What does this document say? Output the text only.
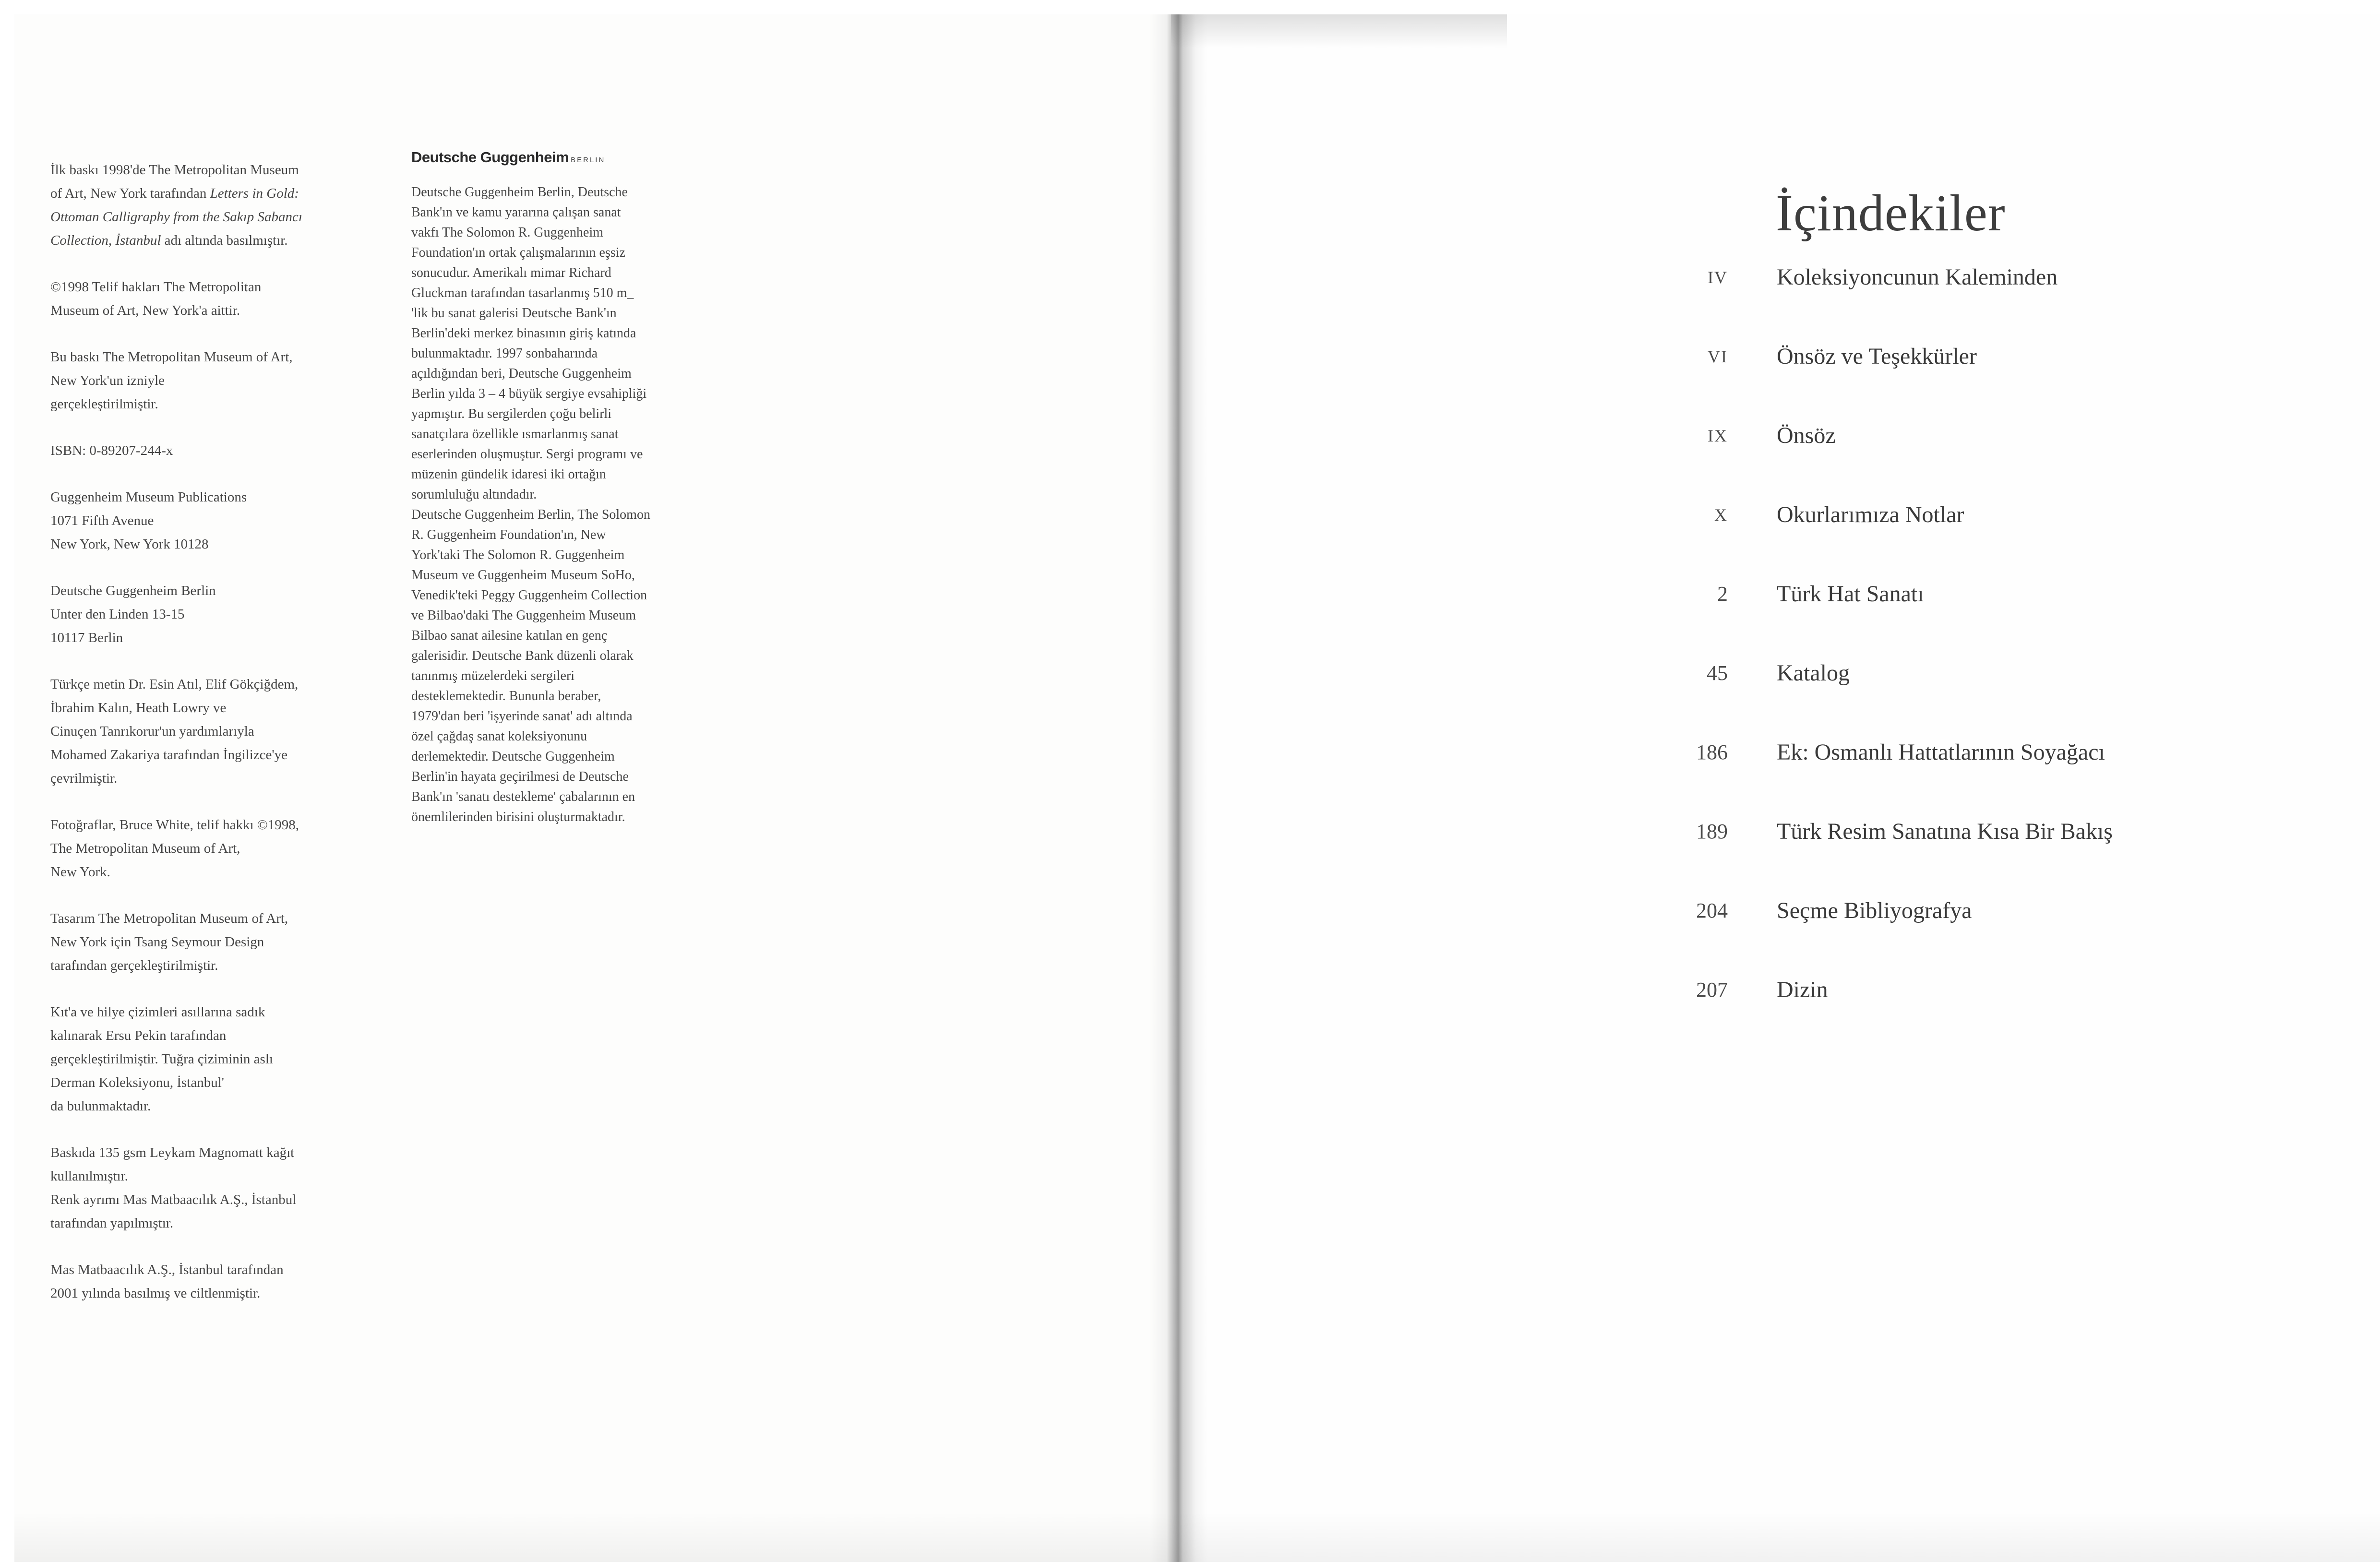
İlk baskı 1998'de The Metropolitan Museum
of Art, New York tarafından Letters in Gold:
Ottoman Calligraphy from the Sakıp Sabancı
Collection, İstanbul adı altında basılmıştır.
©1998 Telif hakları The Metropolitan
Museum of Art, New York'a aittir.
Bu baskı The Metropolitan Museum of Art,
New York'un izniyle
gerçekleştirilmiştir.
ISBN: 0-89207-244-x
Guggenheim Museum Publications
1071 Fifth Avenue
New York, New York 10128
Deutsche Guggenheim Berlin
Unter den Linden 13-15
10117 Berlin
Türkçe metin Dr. Esin Atıl, Elif Gökçiğdem,
İbrahim Kalın, Heath Lowry ve
Cinuçen Tanrıkorur'un yardımlarıyla
Mohamed Zakariya tarafından İngilizce'ye
çevrilmiştir.
Fotoğraflar, Bruce White, telif hakkı ©1998,
The Metropolitan Museum of Art,
New York.
Tasarım The Metropolitan Museum of Art,
New York için Tsang Seymour Design
tarafından gerçekleştirilmiştir.
Kıt'a ve hilye çizimleri asıllarına sadık
kalınarak Ersu Pekin tarafından
gerçekleştirilmiştir. Tuğra çiziminin aslı
Derman Koleksiyonu, İstanbul'
da bulunmaktadır.
Baskıda 135 gsm Leykam Magnomatt kağıt
kullanılmıştır.
Renk ayrımı Mas Matbaacılık A.Ş., İstanbul
tarafından yapılmıştır.
Mas Matbaacılık A.Ş., İstanbul tarafından
2001 yılında basılmış ve ciltlenmiştir.
Deutsche Guggenheim BERLIN
Deutsche Guggenheim Berlin, Deutsche
Bank'ın ve kamu yararına çalışan sanat
vakfı The Solomon R. Guggenheim
Foundation'ın ortak çalışmalarının eşsiz
sonucudur. Amerikalı mimar Richard
Gluckman tarafından tasarlanmış 510 m_
'lik bu sanat galerisi Deutsche Bank'ın
Berlin'deki merkez binasının giriş katında
bulunmaktadır. 1997 sonbaharında
açıldığından beri, Deutsche Guggenheim
Berlin yılda 3 – 4 büyük sergiye evsahipliği
yapmıştır. Bu sergilerden çoğu belirli
sanatçılara özellikle ısmarlanmış sanat
eserlerinden oluşmuştur. Sergi programı ve
müzenin gündelik idaresi iki ortağın
sorumluluğu altındadır.
Deutsche Guggenheim Berlin, The Solomon
R. Guggenheim Foundation'ın, New
York'taki The Solomon R. Guggenheim
Museum ve Guggenheim Museum SoHo,
Venedik'teki Peggy Guggenheim Collection
ve Bilbao'daki The Guggenheim Museum
Bilbao sanat ailesine katılan en genç
galerisidir. Deutsche Bank düzenli olarak
tanınmış müzelerdeki sergileri
desteklemektedir. Bununla beraber,
1979'dan beri 'işyerinde sanat' adı altında
özel çağdaş sanat koleksiyonunu
derlemektedir. Deutsche Guggenheim
Berlin'in hayata geçirilmesi de Deutsche
Bank'ın 'sanatı destekleme' çabalarının en
önemlilerinden birisini oluşturmaktadır.
İçindekiler
IV Koleksiyoncunun Kaleminden
VI Önsöz ve Teşekkürler
IX Önsöz
X Okurlarımıza Notlar
2 Türk Hat Sanatı
45 Katalog
186 Ek: Osmanlı Hattatlarının Soyağacı
189 Türk Resim Sanatına Kısa Bir Bakış
204 Seçme Bibliyografya
207 Dizin
